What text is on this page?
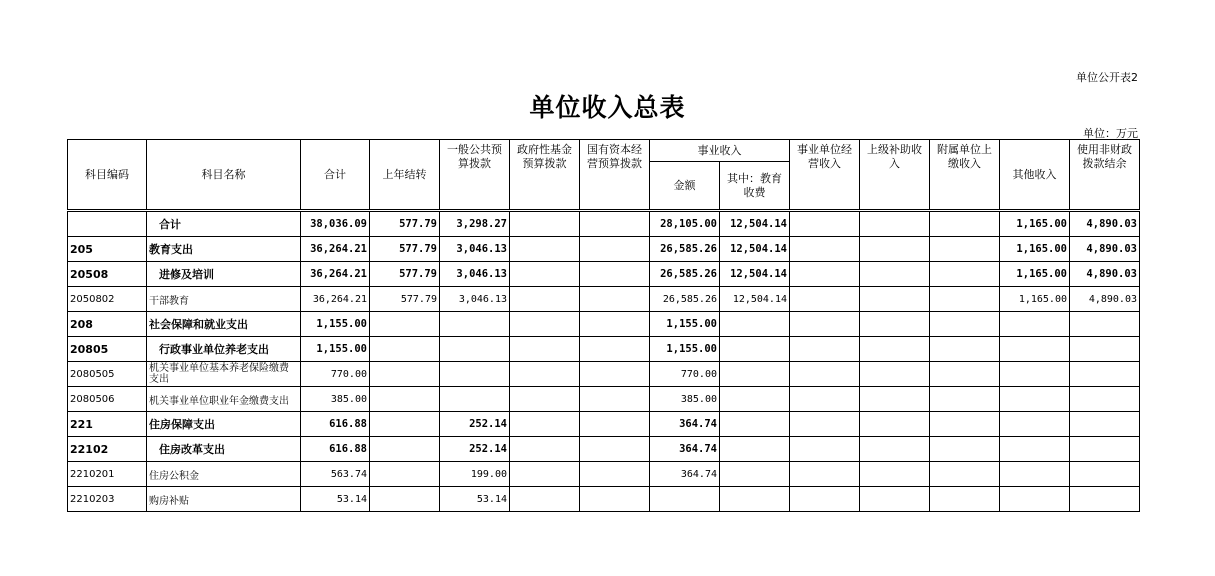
单位公开表2
单位收入总表
单位：万元
科目编码	科目名称	合计	上年结转	一般公共预算拨款	政府性基金预算拨款	国有资本经营预算拨款	事业收入		事业单位经营收入	上级补助收入	附属单位上缴收入	其他收入	使用非财政拨款结余
							金额	其中：教育收费					
	合计	38,036.09	577.79	3,298.27			28,105.00	12,504.14				1,165.00	4,890.03
205	教育支出	36,264.21	577.79	3,046.13			26,585.26	12,504.14				1,165.00	4,890.03
20508	进修及培训	36,264.21	577.79	3,046.13			26,585.26	12,504.14				1,165.00	4,890.03
2050802	干部教育	36,264.21	577.79	3,046.13			26,585.26	12,504.14				1,165.00	4,890.03
208	社会保障和就业支出	1,155.00					1,155.00						
20805	行政事业单位养老支出	1,155.00					1,155.00						
2080505	机关事业单位基本养老保险缴费支出	770.00					770.00						
2080506	机关事业单位职业年金缴费支出	385.00					385.00						
221	住房保障支出	616.88		252.14			364.74						
22102	住房改革支出	616.88		252.14			364.74						
2210201	住房公积金	563.74		199.00			364.74						
2210203	购房补贴	53.14		53.14									
